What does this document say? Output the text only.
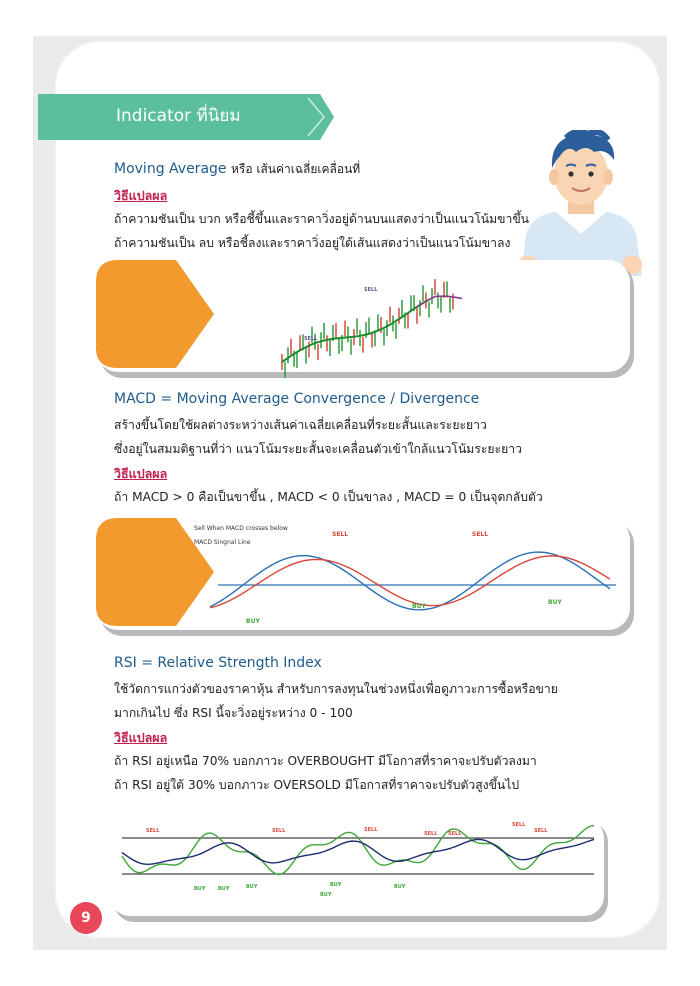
Indicator ที่นิยม
Moving Average หรือ เส้นค่าเฉลี่ยเคลื่อนที่
วิธีแปลผล
ถ้าความชันเป็น บวก หรือชี้ขึ้นและราคาวิ่งอยู่ด้านบนแสดงว่าเป็นแนวโน้มขาขึ้น
ถ้าความชันเป็น ลบ หรือชี้ลงและราคาวิ่งอยู่ใต้เส้นแสดงว่าเป็นแนวโน้มขาลง
SELL
SELL
MACD = Moving Average Convergence / Divergence
สร้างขึ้นโดยใช้ผลต่างระหว่างเส้นค่าเฉลี่ยเคลื่อนที่ระยะสั้นและระยะยาว
ซึ่งอยู่ในสมมติฐานที่ว่า แนวโน้มระยะสั้นจะเคลื่อนตัวเข้าใกล้แนวโน้มระยะยาว
วิธีแปลผล
ถ้า MACD > 0 คือเป็นขาขึ้น , MACD < 0 เป็นขาลง , MACD = 0 เป็นจุดกลับตัว
Sell When MACD crosses below
MACD Singnal Line
SELL	SELL
BUY
BUY
BUY
RSI = Relative Strength Index
ใช้วัดการแกว่งตัวของราคาหุ้น สำหรับการลงทุนในช่วงหนึ่งเพื่อดูภาวะการซื้อหรือขาย
มากเกินไป ซึ่ง RSI นี้จะวิ่งอยู่ระหว่าง 0 - 100
วิธีแปลผล
ถ้า RSI อยู่เหนือ 70% บอกภาวะ OVERBOUGHT มีโอกาสที่ราคาจะปรับตัวลงมา
ถ้า RSI อยู่ใต้ 30% บอกภาวะ OVERSOLD มีโอกาสที่ราคาจะปรับตัวสูงขึ้นไป
SELL	SELL	SELL
SELL SELL
SELL
SELL
BUY	BUY	BUY	BUY
BUY
BUY
9
